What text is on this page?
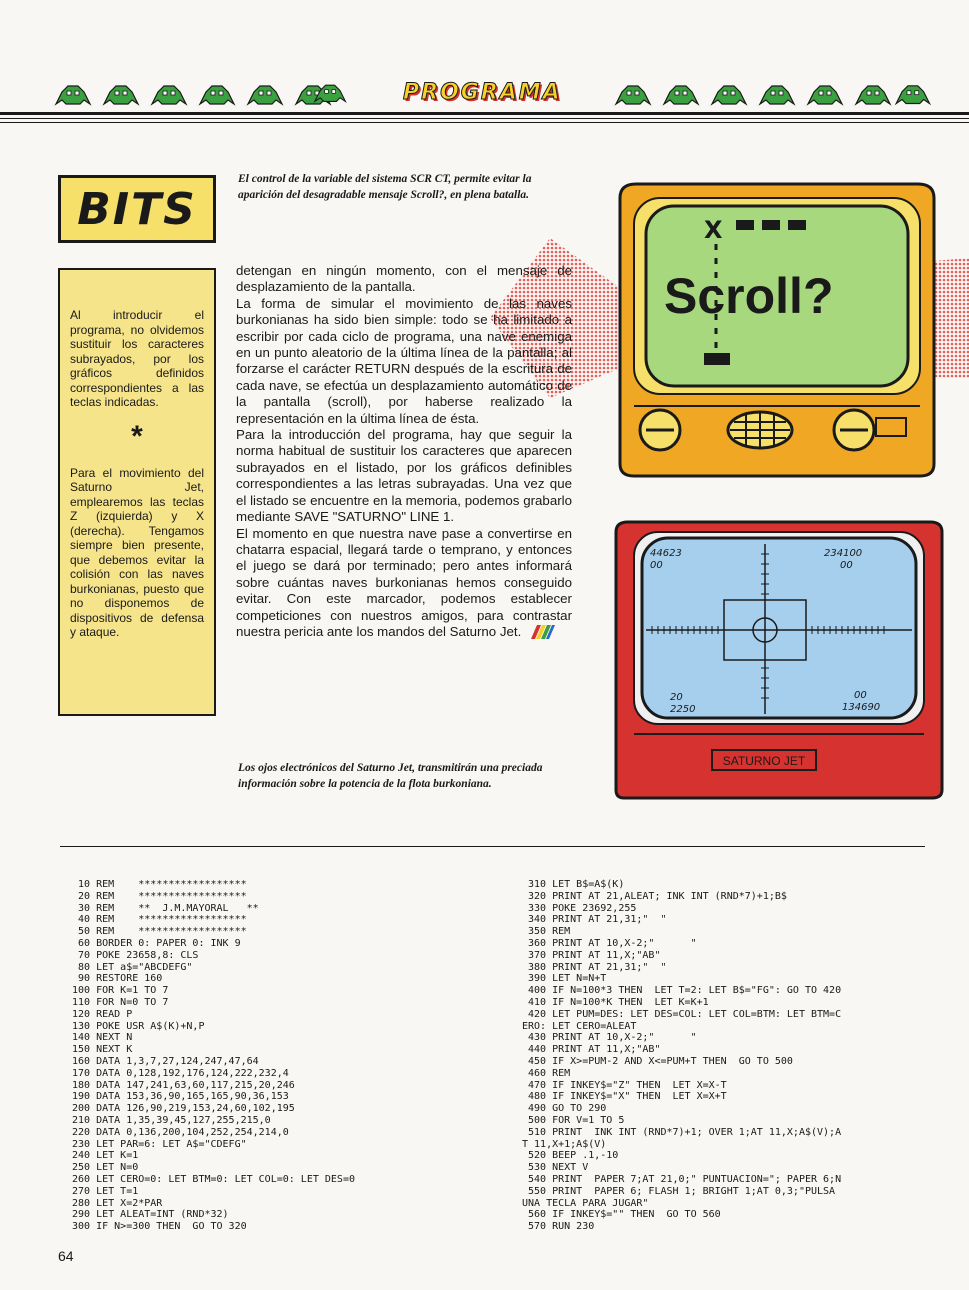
PROGRAMA
BITS
El control de la variable del sistema SCR CT, permite evitar la aparición del desagradable mensaje Scroll?, en plena batalla.

Al introducir el programa, no olvidemos sustituir los caracteres subrayados, por los gráficos definidos correspondientes a las teclas indicadas.

*

Para el movimiento del Saturno Jet, emplearemos las teclas Z (izquierda) y X (derecha). Tengamos siempre bien presente, que debemos evitar la colisión con las naves burkonianas, puesto que no disponemos de dispositivos de defensa y ataque.

detengan en ningún momento, con el mensaje de desplazamiento de la pantalla.

La forma de simular el movimiento de las naves burkonianas ha sido bien simple: todo se ha limitado a escribir por cada ciclo de programa, una nave enemiga en un punto aleatorio de la última línea de la pantalla; al forzarse el carácter RETURN después de la escritura de cada nave, se efectúa un desplazamiento automático de la pantalla (scroll), por haberse realizado la representación en la última línea de ésta.

Para la introducción del programa, hay que seguir la norma habitual de sustituir los caracteres que aparecen subrayados en el listado, por los gráficos definibles correspondientes a las letras subrayadas. Una vez que el listado se encuentre en la memoria, podemos grabarlo mediante SAVE "SATURNO" LINE 1.

El momento en que nuestra nave pase a convertirse en chatarra espacial, llegará tarde o temprano, y entonces el juego se dará por terminado; pero antes informará sobre cuántas naves burkonianas hemos conseguido evitar. Con este marcador, podemos establecer competiciones con nuestros amigos, para contrastar nuestra pericia ante los mandos del Saturno Jet.

X
Scroll?
44623
00
234100
00
20
2250
00
134690
SATURNO JET
Los ojos electrónicos del Saturno Jet, transmitirán una preciada información sobre la potencia de la flota burkoniana.
10 REM    ******************
20 REM    ******************
30 REM    **  J.M.MAYORAL   **
40 REM    ******************
50 REM    ******************
60 BORDER 0: PAPER 0: INK 9
70 POKE 23658,8: CLS
80 LET a$="ABCDEFG"
90 RESTORE 160
100 FOR K=1 TO 7
110 FOR N=0 TO 7
120 READ P
130 POKE USR A$(K)+N,P
140 NEXT N
150 NEXT K
160 DATA 1,3,7,27,124,247,47,64
170 DATA 0,128,192,176,124,222,232,4
180 DATA 147,241,63,60,117,215,20,246
190 DATA 153,36,90,165,165,90,36,153
200 DATA 126,90,219,153,24,60,102,195
210 DATA 1,35,39,45,127,255,215,0
220 DATA 0,136,200,104,252,254,214,0
230 LET PAR=6: LET A$="CDEFG"
240 LET K=1
250 LET N=0
260 LET CERO=0: LET BTM=0: LET COL=0: LET DES=0
270 LET T=1
280 LET X=2*PAR
290 LET ALEAT=INT (RND*32)
300 IF N>=300 THEN  GO TO 320
310 LET B$=A$(K)
320 PRINT AT 21,ALEAT; INK INT (RND*7)+1;B$
330 POKE 23692,255
340 PRINT AT 21,31;"  "
350 REM
360 PRINT AT 10,X-2;"      "
370 PRINT AT 11,X;"AB"
380 PRINT AT 21,31;"  "
390 LET N=N+T
400 IF N=100*3 THEN  LET T=2: LET B$="FG": GO TO 420
410 IF N=100*K THEN  LET K=K+1
420 LET PUM=DES: LET DES=COL: LET COL=BTM: LET BTM=C
ERO: LET CERO=ALEAT
430 PRINT AT 10,X-2;"      "
440 PRINT AT 11,X;"AB"
450 IF X>=PUM-2 AND X<=PUM+T THEN  GO TO 500
460 REM
470 IF INKEY$="Z" THEN  LET X=X-T
480 IF INKEY$="X" THEN  LET X=X+T
490 GO TO 290
500 FOR V=1 TO 5
510 PRINT  INK INT (RND*7)+1; OVER 1;AT 11,X;A$(V);A
T 11,X+1;A$(V)
520 BEEP .1,-10
530 NEXT V
540 PRINT  PAPER 7;AT 21,0;" PUNTUACION="; PAPER 6;N
550 PRINT  PAPER 6; FLASH 1; BRIGHT 1;AT 0,3;"PULSA
UNA TECLA PARA JUGAR"
560 IF INKEY$="" THEN  GO TO 560
570 RUN 230
64
